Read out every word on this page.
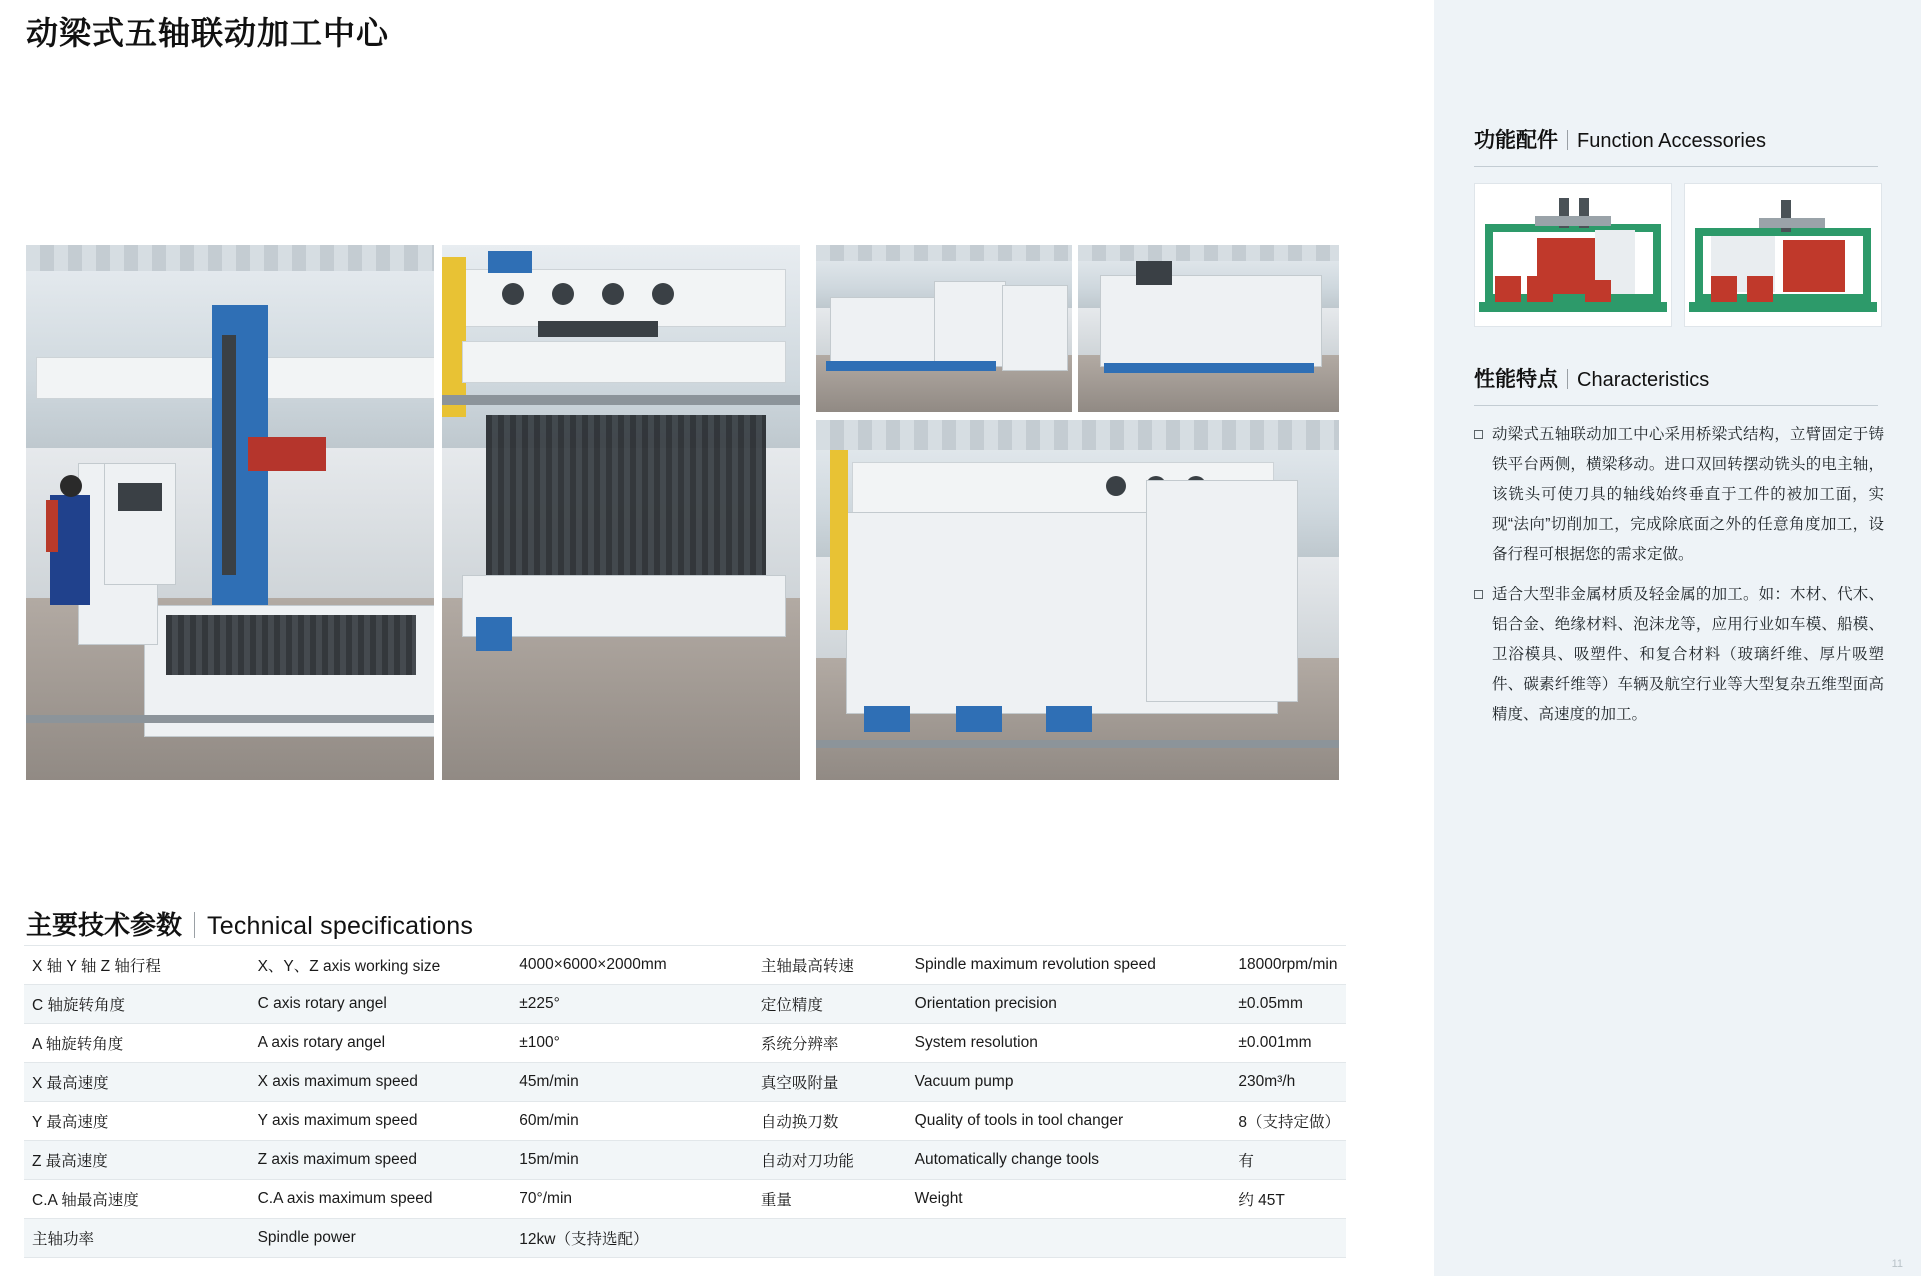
动梁式五轴联动加工中心
主要技术参数 Technical specifications
X 轴 Y 轴 Z 轴行程	X、Y、Z axis working size	4000×6000×2000mm	主轴最高转速	Spindle maximum revolution speed	18000rpm/min
C 轴旋转角度	C axis rotary angel	±225°	定位精度	Orientation precision	±0.05mm
A 轴旋转角度	A axis rotary angel	±100°	系统分辨率	System resolution	±0.001mm
X 最高速度	X axis maximum speed	45m/min	真空吸附量	Vacuum pump	230m³/h
Y 最高速度	Y axis maximum speed	60m/min	自动换刀数	Quality of tools in tool changer	8（支持定做）
Z 最高速度	Z axis maximum speed	15m/min	自动对刀功能	Automatically change tools	有
C.A 轴最高速度	C.A axis maximum speed	70°/min	重量	Weight	约 45T
主轴功率	Spindle power	12kw（支持选配）			
功能配件 Function Accessories
性能特点 Characteristics
动梁式五轴联动加工中心采用桥梁式结构，立臂固定于铸铁平台两侧，横梁移动。进口双回转摆动铣头的电主轴，该铣头可使刀具的轴线始终垂直于工件的被加工面，实现“法向”切削加工，完成除底面之外的任意角度加工，设备行程可根据您的需求定做。
适合大型非金属材质及轻金属的加工。如：木材、代木、铝合金、绝缘材料、泡沫龙等，应用行业如车模、船模、卫浴模具、吸塑件、和复合材料（玻璃纤维、厚片吸塑件、碳素纤维等）车辆及航空行业等大型复杂五维型面高精度、高速度的加工。
11
